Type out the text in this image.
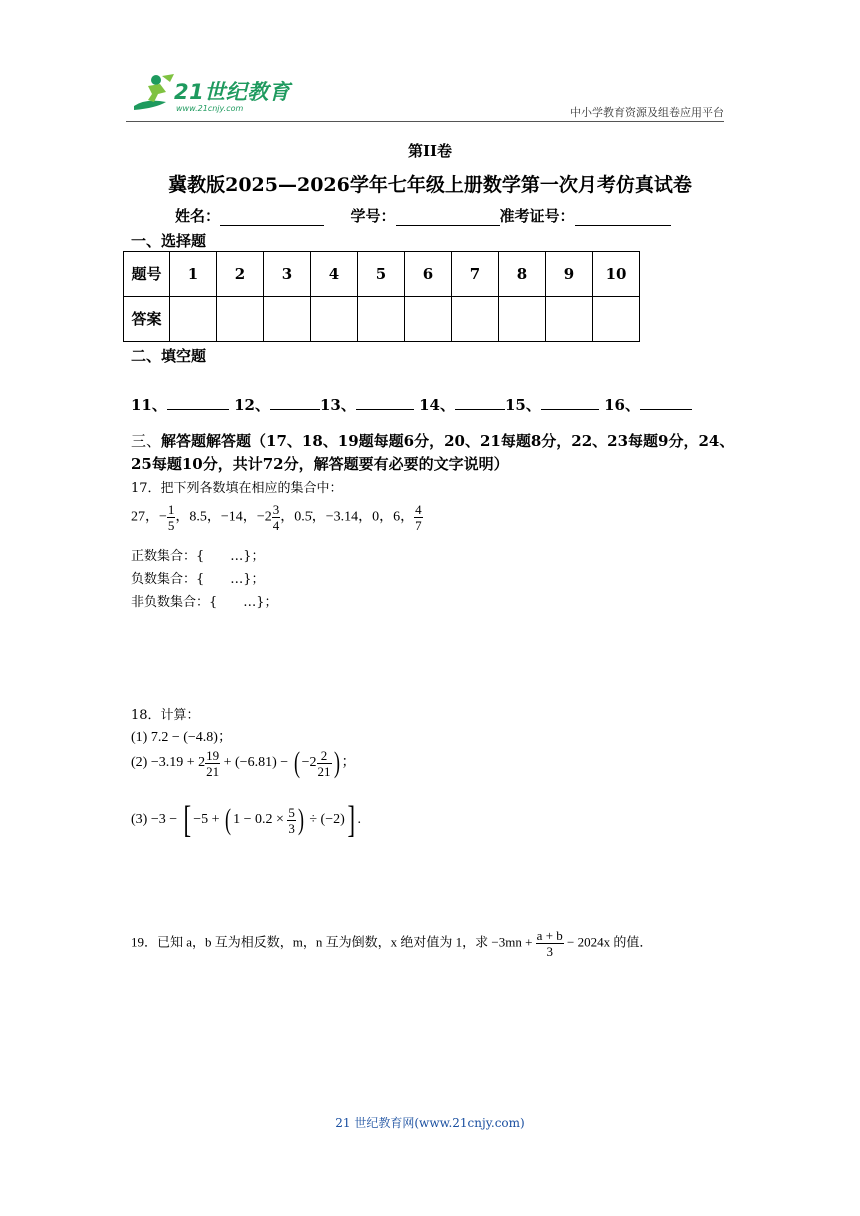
21世纪教育
www.21cnjy.com	中小学教育资源及组卷应用平台
第II卷
冀教版2025—2026学年七年级上册数学第一次月考仿真试卷
姓名：	学号：	准考证号：
一、选择题
题号	1	2	3	4	5	6	7	8	9	10
答案										
二、填空题
11、	12、	13、	14、	15、	16、
三、解答题解答题（17、18、19题每题6分，20、21每题8分，22、23每题9分，24、25每题10分，共计72分，解答题要有必要的文字说明）
17．把下列各数填在相应的集合中：
27，− $\frac{1}{5}$ ，8.5，−14，$-2 \frac{3}{4}$ ，0.5̇，−3.14，0，6， $\frac{4}{7}$
正数集合：{　　…}；
负数集合：{　　…}；
非负数集合：{　　…}；
18．计算：
(1) 7.2 − (−4.8)；
$(2) -3.19 + 2 \frac{19}{21} + (-6.81)$ − ( $-2 \frac{2}{21}$ ) ；
(3) −3 − [ −5 + ( $1 - 0.2 \times \frac{5}{3}$ ) ÷ (−2)] .
19．已知 a，b 互为相反数，m，n 互为倒数，x 绝对值为 1，求 $-3mn + \frac{a + b}{3} - 2024x$ 的值．
21 世纪教育网(www.21cnjy.com)
